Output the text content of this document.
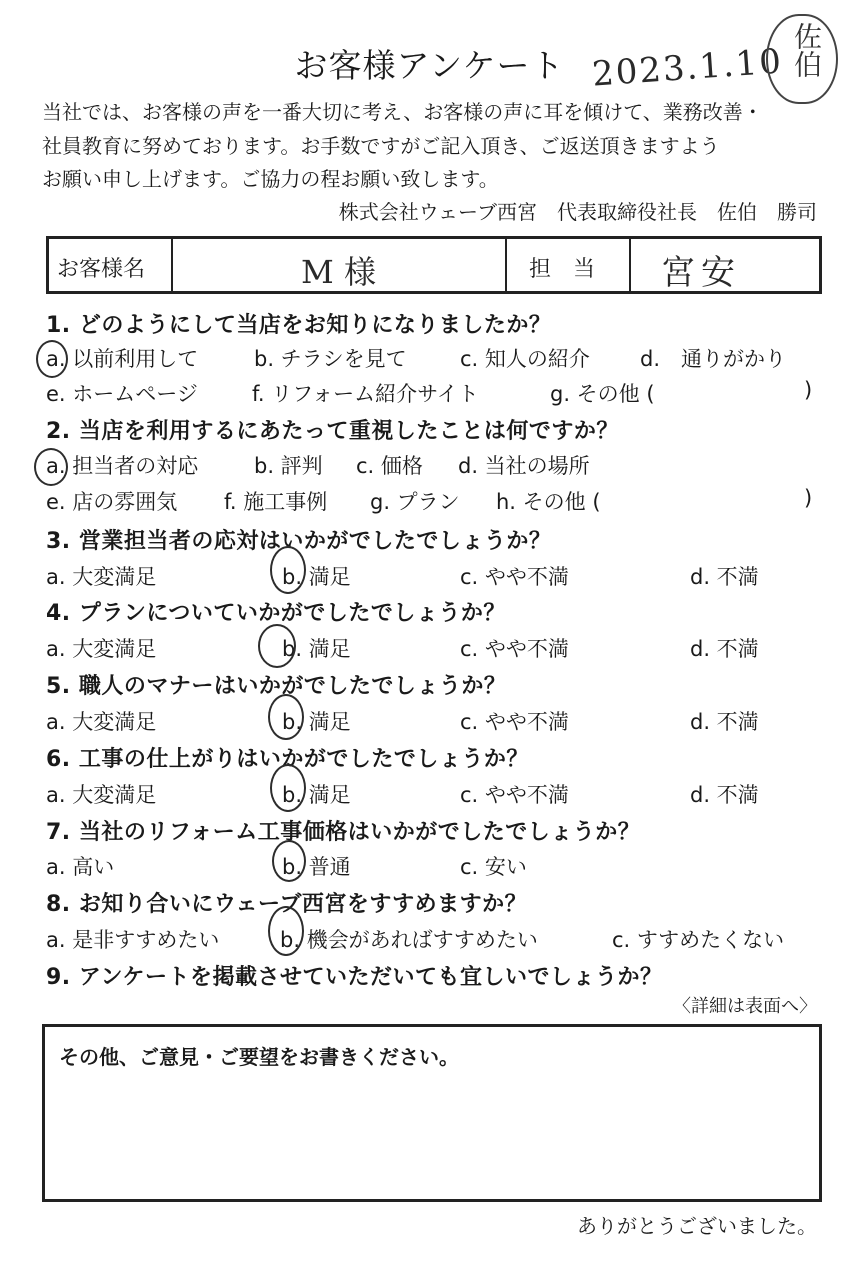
お客様アンケート 2023.1.10 佐伯
当社では、お客様の声を一番大切に考え、お客様の声に耳を傾けて、業務改善・
社員教育に努めております。お手数ですがご記入頂き、ご返送頂きますよう
お願い申し上げます。ご協力の程お願い致します。
株式会社ウェーブ西宮　代表取締役社長　佐伯　勝司
お客様名	M 様	担　当 宮安
1. どのようにして当店をお知りになりましたか？
a. 以前利用して	b. チラシを見て	c. 知人の紹介 d.　通りがかり
e. ホームページ	f. リフォーム紹介サイト	g. その他 (	)
2. 当店を利用するにあたって重視したことは何ですか？
a. 担当者の対応	b. 評判 c. 価格 d. 当社の場所
e. 店の雰囲気 f. 施工事例 g. プラン h. その他 (	)
3. 営業担当者の応対はいかがでしたでしょうか？
a. 大変満足	b. 満足	c. やや不満	d. 不満
4. プランについていかがでしたでしょうか？
a. 大変満足	b. 満足	c. やや不満	d. 不満
5. 職人のマナーはいかがでしたでしょうか？
a. 大変満足	b. 満足	c. やや不満	d. 不満
6. 工事の仕上がりはいかがでしたでしょうか？
a. 大変満足	b. 満足	c. やや不満	d. 不満
7. 当社のリフォーム工事価格はいかがでしたでしょうか？
a. 高い	b. 普通	c. 安い
8. お知り合いにウェーブ西宮をすすめますか？
a. 是非すすめたい	b. 機会があればすすめたい	c. すすめたくない
9. アンケートを掲載させていただいても宜しいでしょうか？
〈詳細は表面へ〉
その他、ご意見・ご要望をお書きください。
ありがとうございました。
